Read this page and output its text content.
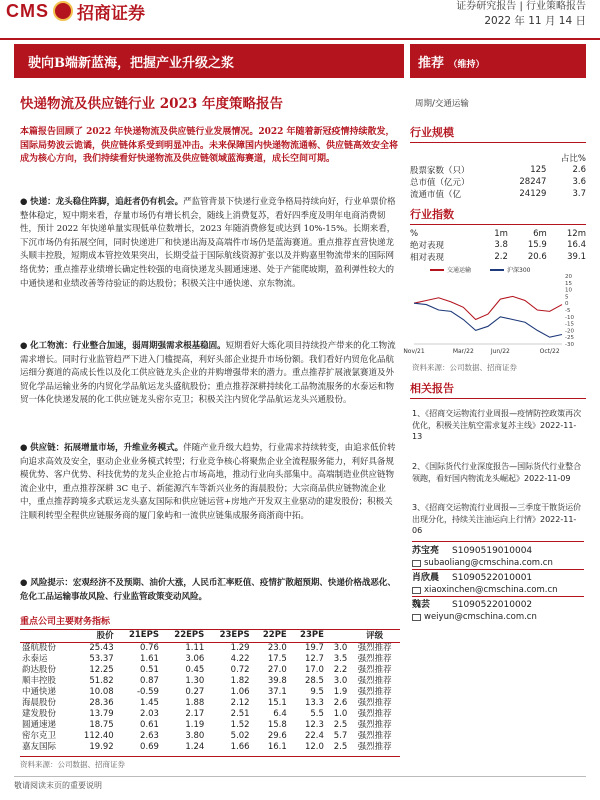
CMS 招商证券	证券研究报告 | 行业策略报告
2022 年 11 月 14 日
驶向B端新蓝海，把握产业升级之浆	推荐 （维持）
快递物流及供应链行业 2023 年度策略报告	周期/交通运输
本篇报告回顾了 2022 年快递物流及供应链行业发展情况。2022 年随着新冠疫情持续散发，国际局势波云诡谲，供应链体系受到明显冲击。未来保障国内快递物流通畅、供应链高效安全将成为核心方向，我们持续看好快递物流及供应链领域蓝海赛道，成长空间可期。

● 快递：龙头稳住阵脚，追赶者仍有机会。严监管背景下快递行业竞争格局持续向好，行业单票价格整体稳定，短中期来看，存量市场仍有增长机会，随线上消费复苏，看好四季度及明年电商消费韧性，预计 2022 年快递单量实现低单位数增长，2023 年随消费修复或达到 10%-15%。长期来看，下沉市场仍有拓展空间，同时快递进厂和快递出海及高端件市场仍是蓝海赛道。重点推荐直营快递龙头顺丰控股，短期成本管控效果突出，长期受益于国际航线资源扩张以及并购嘉里物流带来的国际网络优势；重点推荐业绩增长确定性较强的电商快递龙头圆通速递、处于产能爬坡期，盈利弹性较大的中通快递和业绩改善等待验证的韵达股份；积极关注中通快递、京东物流。

● 化工物流：行业整合加速，弱周期强需求根基稳固。短期看好大炼化项目持续投产带来的化工物流需求增长。同时行业监管趋严下进入门槛提高，利好头部企业提升市场份额。我们看好内贸危化品航运细分赛道的高成长性以及化工供应链龙头企业的并购增强带来的潜力。重点推荐扩展液氯赛道及外贸化学品运输业务的内贸化学品航运龙头盛航股份；重点推荐深耕持续化工品物流服务的水泰运和物贸一体化快递发展的化工供应链龙头密尔克卫；积极关注内贸化学品航运龙头兴通股份。

● 供应链：拓展增量市场，升维业务模式。伴随产业升级大趋势，行业需求持续转变，由追求低价转向追求高效及安全，驱动企业业务模式转型；行业竞争核心将聚焦企业全流程服务能力，利好具备规模优势、客户优势、科技优势的龙头企业抢占市场高地，推动行业向头部集中。高端制造业供应链物流企业中，重点推荐深耕 3C 电子、新能源汽车等新兴业务的海晨股份；大宗商品供应链物流企业中，重点推荐跨境多式联运龙头嘉友国际和供应链运营+房地产开发双主业驱动的建发股份；积极关注顺利转型全程供应链服务商的厦门象屿和一流供应链集成服务商浙商中拓。

● 风险提示：宏观经济不及预期、油价大涨，人民币汇率贬值、疫情扩散超预期、快递价格战恶化、危化工品运输事故风险、行业监管政策变动风险。

重点公司主要财务指标
	股价	21EPS	22EPS	23EPS	22PE	23PE		评级
盛航股份	25.43	0.76	1.11	1.29	23.0	19.7	3.0	强烈推荐
永泰运	53.37	1.61	3.06	4.22	17.5	12.7	3.5	强烈推荐
韵达股份	12.25	0.51	0.45	0.72	27.0	17.0	2.2	强烈推荐
顺丰控股	51.82	0.87	1.30	1.82	39.8	28.5	3.0	强烈推荐
中通快递	10.08	-0.59	0.27	1.06	37.1	9.5	1.9	强烈推荐
海晨股份	28.36	1.45	1.88	2.12	15.1	13.3	2.6	强烈推荐
建发股份	13.79	2.03	2.17	2.51	6.4	5.5	1.0	强烈推荐
圆通速递	18.75	0.61	1.19	1.52	15.8	12.3	2.5	强烈推荐
密尔克卫	112.40	2.63	3.80	5.02	29.6	22.4	5.7	强烈推荐
嘉友国际	19.92	0.69	1.24	1.66	16.1	12.0	2.5	强烈推荐
资料来源：公司数据、招商证券
敬请阅读末页的重要说明
行业规模
		占比%
股票家数（只）	125	2.6
总市值（亿元）	28247	3.6
流通市值（亿	24129	3.7
行业指数
%	1m	6m	12m
绝对表现	3.8	15.9	16.4
相对表现	2.2	20.6	39.1
20
15
10
5
0
-5
-10
-15
-20
-25
-30
Nov/21	Mar/22	Jun/22	Oct/22
交通运输	沪深300
资料来源：公司数据、招商证券
相关报告
1、《招商交运物流行业周报—疫情防控政策再次优化，积极关注航空需求复苏主线》2022-11-13
2、《国际货代行业深度报告—国际货代行业整合领跑，看好国内物流龙头崛起》2022-11-09
3、《招商交运物流行业周报—三季度干散货运价出现分化，持续关注油运向上行情》2022-11-06
苏宝亮 S1090519010004
subaoliang@cmschina.com.cn
肖欣晨 S1090522010001
xiaoxinchen@cmschina.com.cn
魏芸 S1090522010002
weiyun@cmschina.com.cn
